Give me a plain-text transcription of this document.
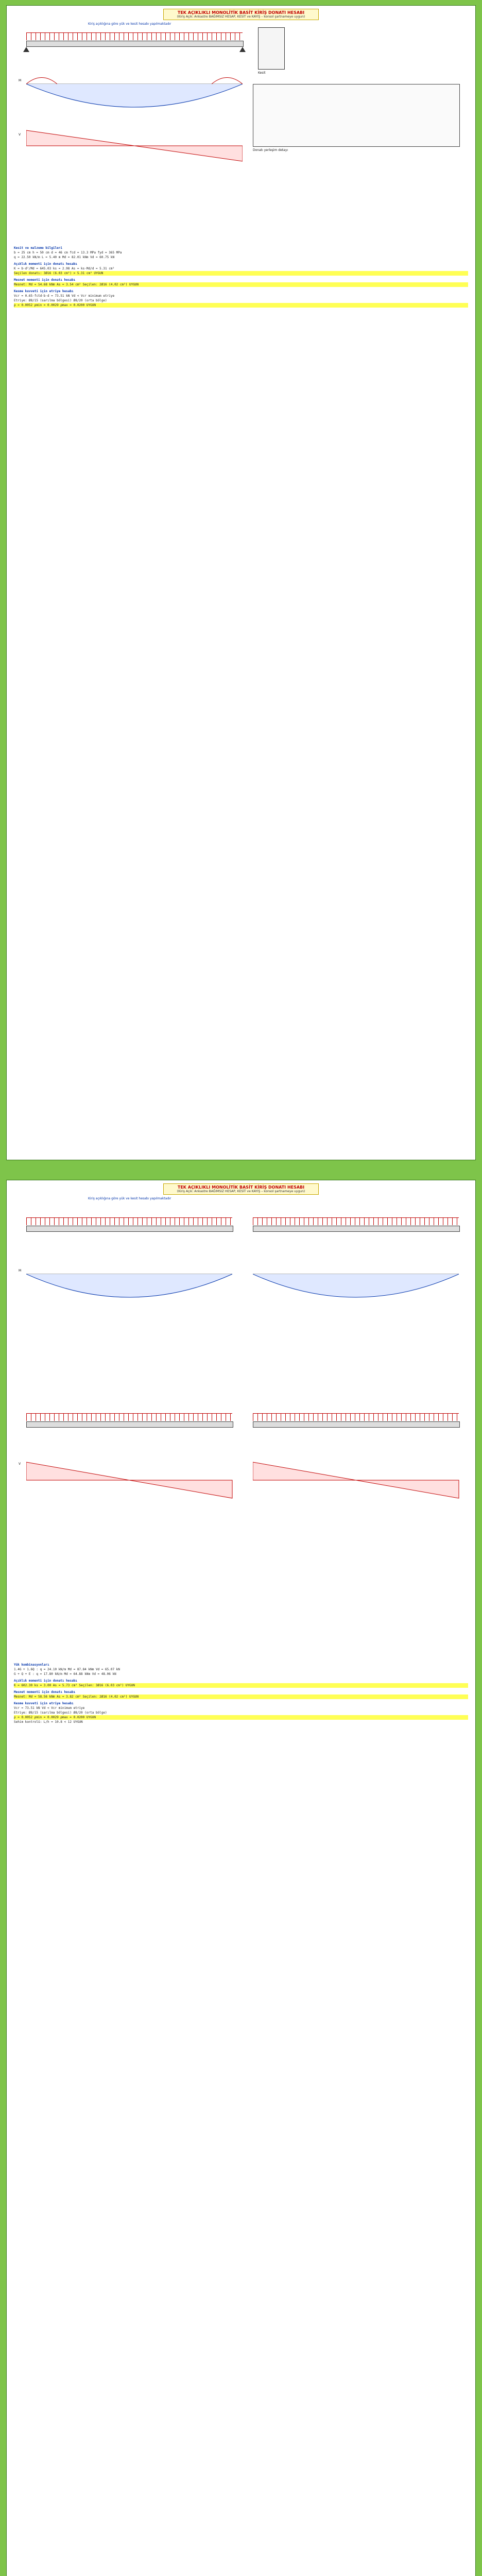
TEK AÇIKLIKLI MONOLİTİK BASİT KİRİŞ DONATI HESABI
(Kiriş Açık: Ankastre BAĞIMSIZ HESAP, KESİT ve KAYIŞ – konsol şartnameye uygun)
Kiriş açıklığına göre yük ve kesit hesabı yapılmaktadır
M
V
Kesit
Donatı yerleşim detayı
Kesit ve malzeme bilgileri
b = 25 cm h = 50 cm d = 46 cm fcd = 13.3 MPa fyd = 365 MPa
q = 22.50 kN/m L = 5.40 m Md = 82.01 kNm Vd = 60.75 kN
Açıklık momenti için donatı hesabı
K = b·d²/Md = 645.03 ks = 2.98 As = ks·Md/d = 5.31 cm²
Seçilen donatı: 3Ø16 (6.03 cm²) > 5.31 cm² UYGUN
Mesnet momenti için donatı hesabı
Mesnet: Md = 54.68 kNm As = 3.54 cm² Seçilen: 2Ø16 (4.02 cm²) UYGUN
Kesme kuvveti için etriye hesabı
Vcr = 0.65·fctd·b·d = 73.51 kN Vd < Vcr minimum etriye
Etriye: Ø8/15 (sarılma bölgesi) Ø8/20 (orta bölge)
ρ = 0.0052 ρmin = 0.0029 ρmax = 0.0200 UYGUN
TEK AÇIKLIKLI MONOLİTİK BASİT KİRİŞ DONATI HESABI
(Kiriş Açık: Ankastre BAĞIMSIZ HESAP, KESİT ve KAYIŞ – konsol şartnameye uygun)
Kiriş açıklığına göre yük ve kesit hesabı yapılmaktadır
M
V
Yük kombinasyonları
1.4G + 1.6Q : q = 24.10 kN/m Md = 87.84 kNm Vd = 65.07 kN
G + Q + E : q = 17.80 kN/m Md = 64.88 kNm Vd = 48.06 kN
Açıklık momenti için donatı hesabı
K = 602.30 ks = 3.00 As = 5.73 cm² Seçilen: 3Ø16 (6.03 cm²) UYGUN
Mesnet momenti için donatı hesabı
Mesnet: Md = 58.56 kNm As = 3.82 cm² Seçilen: 2Ø16 (4.02 cm²) UYGUN
Kesme kuvveti için etriye hesabı
Vcr = 73.51 kN Vd < Vcr minimum etriye
Etriye: Ø8/15 (sarılma bölgesi) Ø8/20 (orta bölge)
ρ = 0.0052 ρmin = 0.0029 ρmax = 0.0200 UYGUN
Sehim kontrolü: L/h = 10.8 < 12 UYGUN
